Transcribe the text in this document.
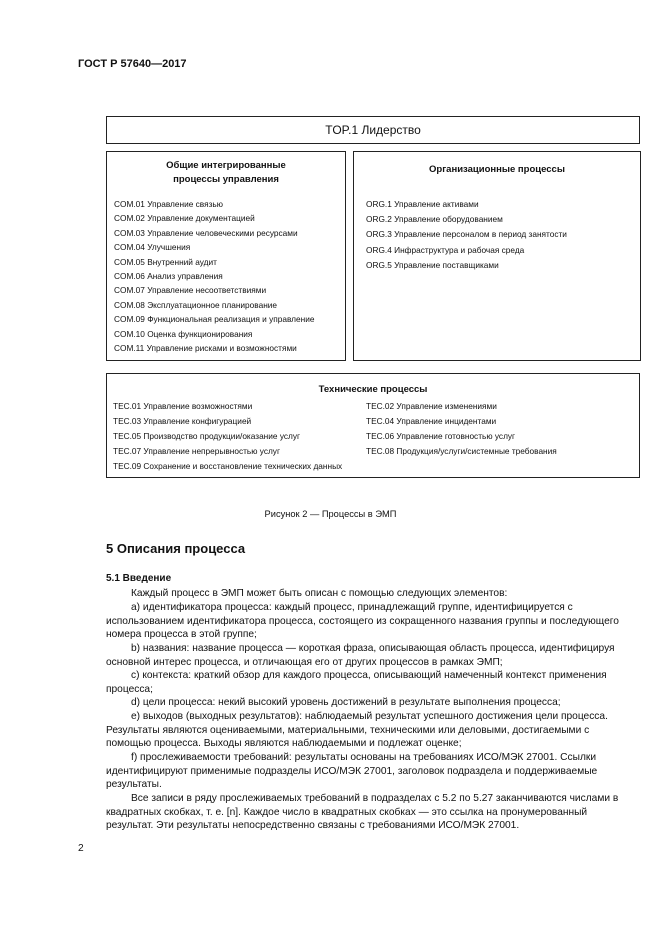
ГОСТ Р 57640—2017
TOP.1 Лидерство
Общие интегрированные
процессы управления
COM.01 Управление связью
COM.02 Управление документацией
COM.03 Управление человеческими ресурсами
COM.04 Улучшения
COM.05 Внутренний аудит
COM.06 Анализ управления
COM.07 Управление несоответствиями
COM.08 Эксплуатационное планирование
COM.09 Функциональная реализация и управление
COM.10 Оценка функционирования
COM.11 Управление рисками и возможностями
Организационные процессы
ORG.1 Управление активами
ORG.2 Управление оборудованием
ORG.3 Управление персоналом в период занятости
ORG.4 Инфраструктура и рабочая среда
ORG.5 Управление поставщиками
Технические процессы
TEC.01 Управление возможностями
TEC.03 Управление конфигурацией
TEC.05 Производство продукции/оказание услуг
TEC.07 Управление непрерывностью услуг
TEC.09 Сохранение и восстановление технических данных
TEC.02 Управление изменениями
TEC.04 Управление инцидентами
TEC.06 Управление готовностью услуг
TEC.08 Продукция/услуги/системные требования
Рисунок 2 — Процессы в ЭМП
5 Описания процесса
5.1 Введение
Каждый процесс в ЭМП может быть описан с помощью следующих элементов:
а) идентификатора процесса: каждый процесс, принадлежащий группе, идентифицируется с использованием идентификатора процесса, состоящего из сокращенного названия группы и последующего номера процесса в этой группе;
b) названия: название процесса — короткая фраза, описывающая область процесса, идентифицируя основной интерес процесса, и отличающая его от других процессов в рамках ЭМП;
c) контекста: краткий обзор для каждого процесса, описывающий намеченный контекст применения процесса;
d) цели процесса: некий высокий уровень достижений в результате выполнения процесса;
e) выходов (выходных результатов): наблюдаемый результат успешного достижения цели процесса. Результаты являются оцениваемыми, материальными, техническими или деловыми, достигаемыми с помощью процесса. Выходы являются наблюдаемыми и подлежат оценке;
f) прослеживаемости требований: результаты основаны на требованиях ИСО/МЭК 27001. Ссылки идентифицируют применимые подразделы ИСО/МЭК 27001, заголовок подраздела и поддерживаемые результаты.
Все записи в ряду прослеживаемых требований в подразделах с 5.2 по 5.27 заканчиваются числами в квадратных скобках, т. е. [n]. Каждое число в квадратных скобках — это ссылка на пронумерованный результат. Эти результаты непосредственно связаны с требованиями ИСО/МЭК 27001.
2
